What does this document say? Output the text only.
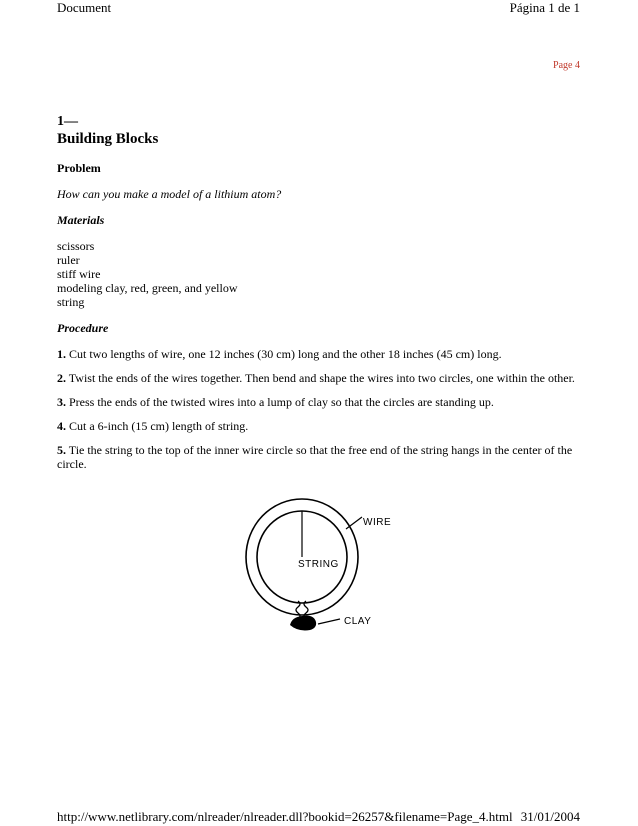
Document	Página 1 de 1
Page 4

1—

Building Blocks

Problem

How can you make a model of a lithium atom?

Materials

scissors
ruler
stiff wire
modeling clay, red, green, and yellow
string

Procedure

1. Cut two lengths of wire, one 12 inches (30 cm) long and the other 18 inches (45 cm) long.

2. Twist the ends of the wires together. Then bend and shape the wires into two circles, one within the other.

3. Press the ends of the twisted wires into a lump of clay so that the circles are standing up.

4. Cut a 6-inch (15 cm) length of string.

5. Tie the string to the top of the inner wire circle so that the free end of the string hangs in the center of the circle.

STRING
WIRE
CLAY
http://www.netlibrary.com/nlreader/nlreader.dll?bookid=26257&filename=Page_4.html 31/01/2004
